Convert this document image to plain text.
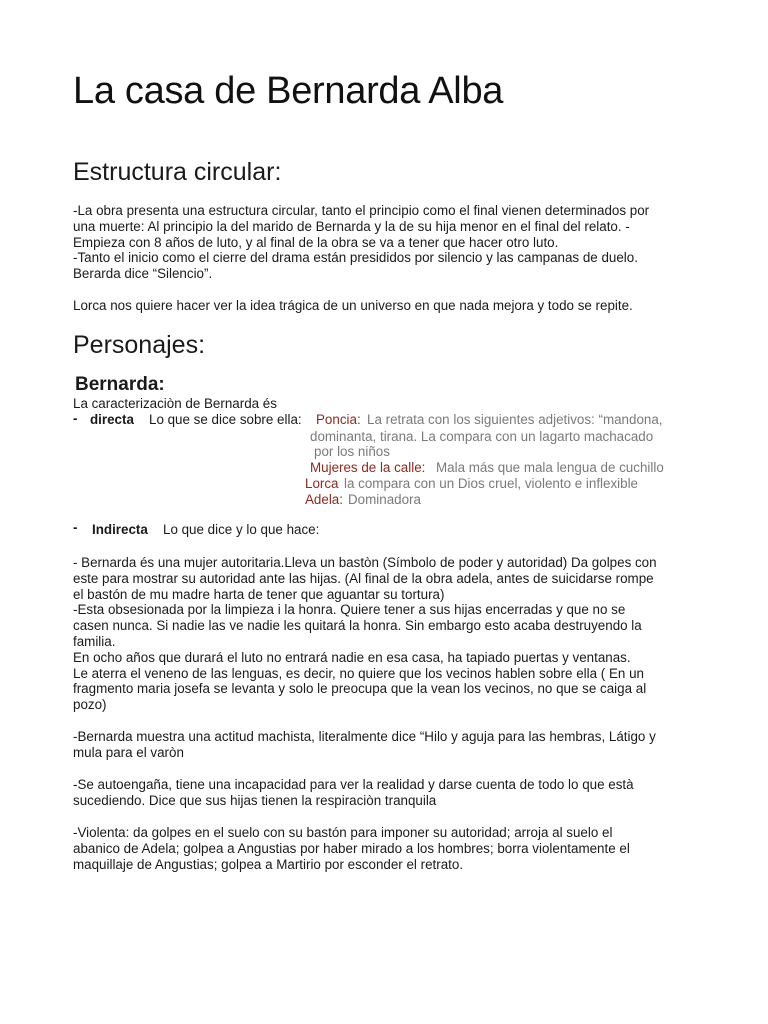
La casa de Bernarda Alba
Estructura circular:
-La obra presenta una estructura circular, tanto el principio como el final vienen determinados por
una muerte: Al principio la del marido de Bernarda y la de su hija menor en el final del relato. -
Empieza con 8 años de luto, y al final de la obra se va a tener que hacer otro luto.
-Tanto el inicio como el cierre del drama están presididos por silencio y las campanas de duelo.
Berarda dice “Silencio”.
Lorca nos quiere hacer ver la idea trágica de un universo en que nada mejora y todo se repite.
Personajes:
Bernarda:
La caracterizaciòn de Bernarda és
- directa Lo que se dice sobre ella: Poncia: La retrata con los siguientes adjetivos: “mandona,
dominanta, tirana. La compara con un lagarto machacado
por los niños
Mujeres de la calle: Mala más que mala lengua de cuchillo
Lorca la compara con un Dios cruel, violento e inflexible
Adela: Dominadora
- Indirecta Lo que dice y lo que hace:
- Bernarda és una mujer autoritaria.Lleva un bastòn (Símbolo de poder y autoridad) Da golpes con
este para mostrar su autoridad ante las hijas. (Al final de la obra adela, antes de suicidarse rompe
el bastón de mu madre harta de tener que aguantar su tortura)
-Esta obsesionada por la limpieza i la honra. Quiere tener a sus hijas encerradas y que no se
casen nunca. Si nadie las ve nadie les quitará la honra. Sin embargo esto acaba destruyendo la
familia.
En ocho años que durará el luto no entrará nadie en esa casa, ha tapiado puertas y ventanas.
Le aterra el veneno de las lenguas, es decir, no quiere que los vecinos hablen sobre ella ( En un
fragmento maria josefa se levanta y solo le preocupa que la vean los vecinos, no que se caiga al
pozo)
-Bernarda muestra una actitud machista, literalmente dice “Hilo y aguja para las hembras, Látigo y
mula para el varòn
-Se autoengaña, tiene una incapacidad para ver la realidad y darse cuenta de todo lo que està
sucediendo. Dice que sus hijas tienen la respiraciòn tranquila
-Violenta: da golpes en el suelo con su bastón para imponer su autoridad; arroja al suelo el
abanico de Adela; golpea a Angustias por haber mirado a los hombres; borra violentamente el
maquillaje de Angustias; golpea a Martirio por esconder el retrato.
